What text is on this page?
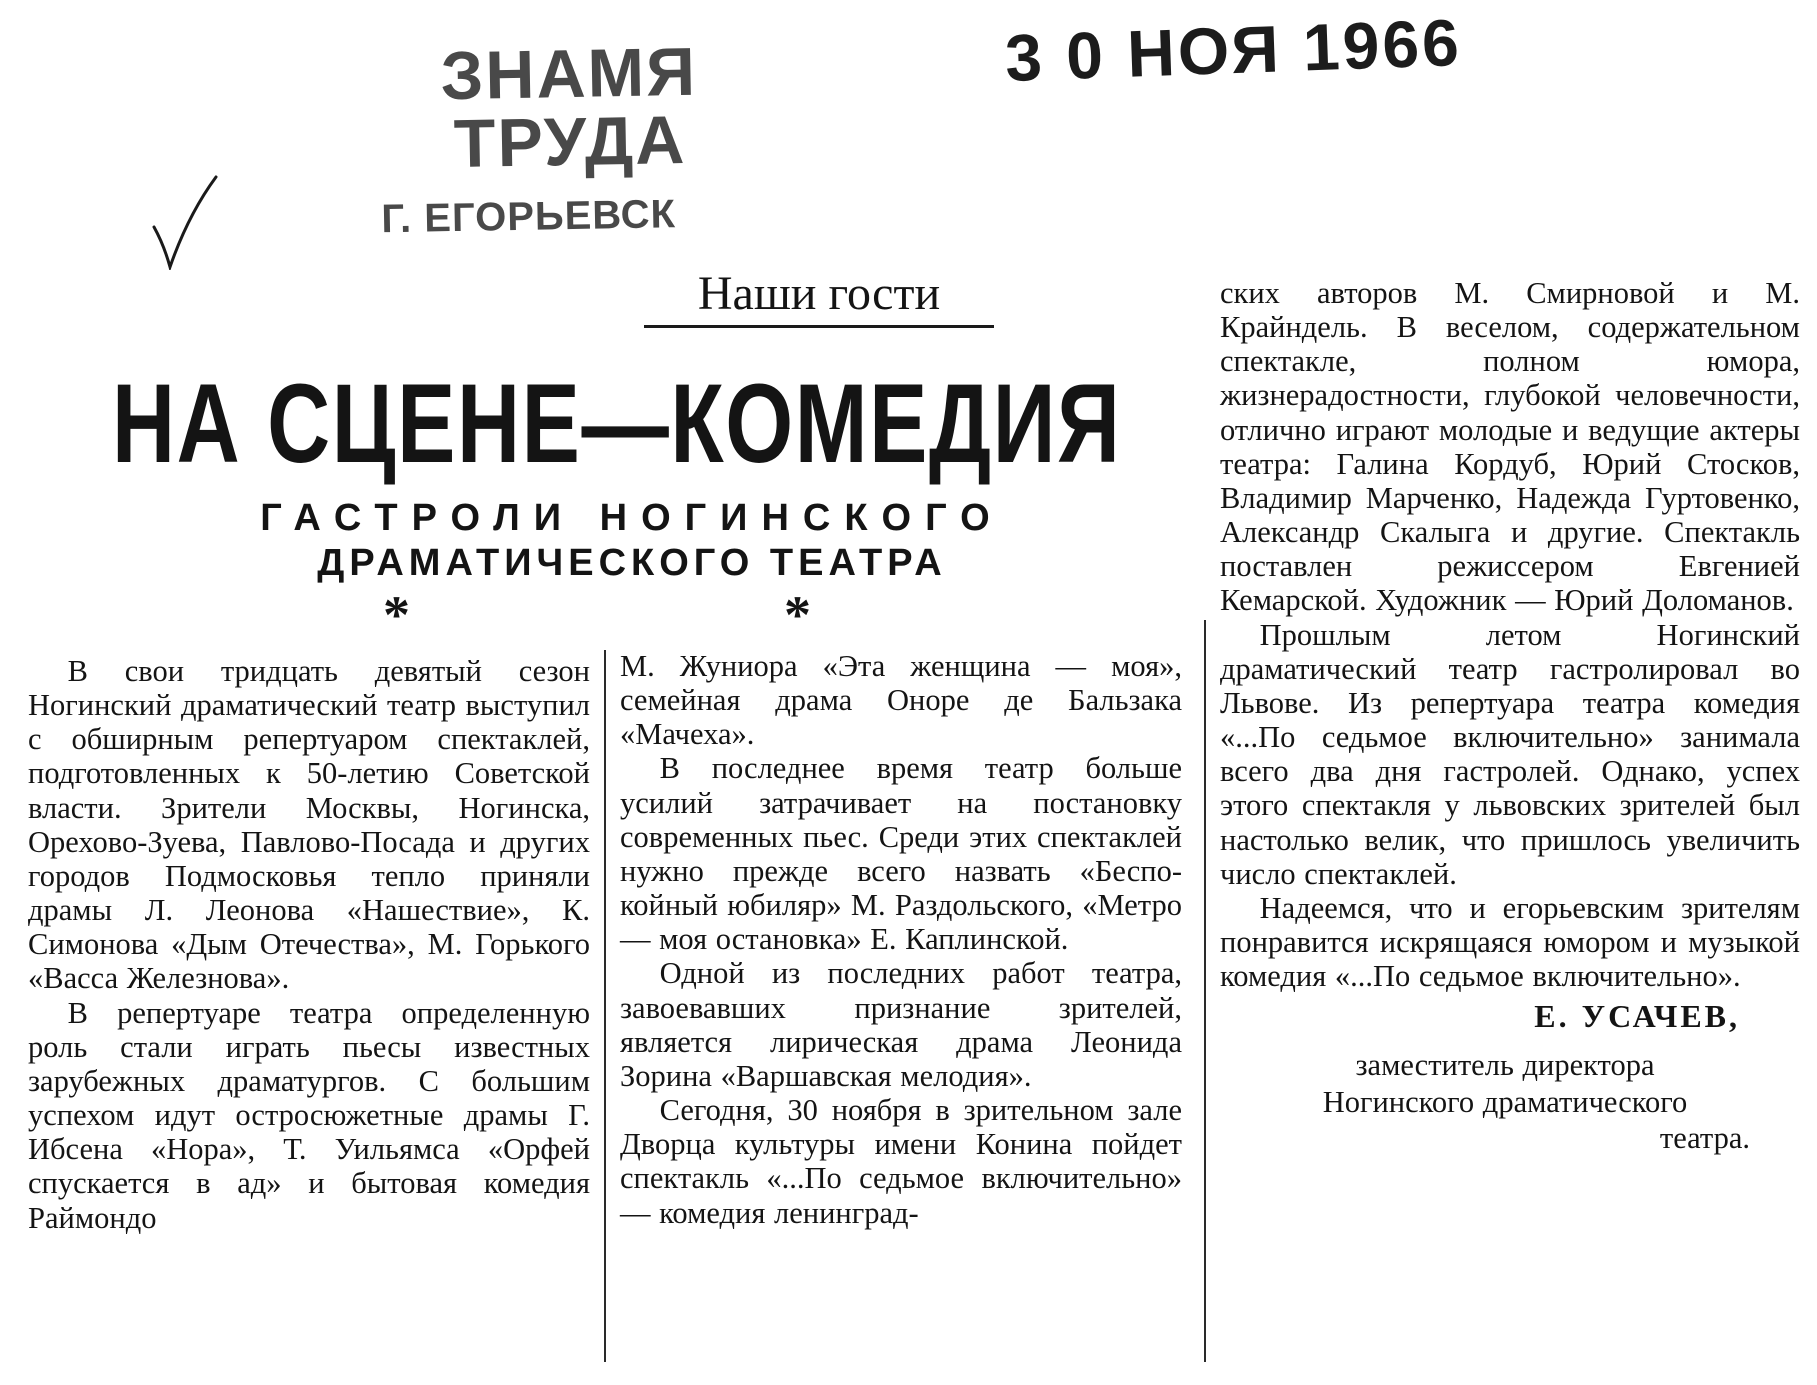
ЗНАМЯ ТРУДА
Г. ЕГОРЬЕВСК
3 0 НОЯ 1966
Наши гости
НА СЦЕНЕ—КОМЕДИЯ
ГАСТРОЛИ НОГИНСКОГО
ДРАМАТИЧЕСКОГО ТЕАТРА
*	*

В свои тридцать девятый сезон Ногинский драматический театр выступил с обширным репертуаром спектаклей, подготовленных к 50-летию Советской власти. Зрители Москвы, Ногинска, Орехово-Зуева, Павлово-Посада и других городов Подмосковья тепло приняли драмы Л. Леонова «Нашествие», К. Симонова «Дым Отечества», М. Горького «Васса Железнова».

В репертуаре театра определенную роль стали играть пьесы известных зарубежных драматургов. С большим успехом идут остросюжетные драмы Г. Ибсена «Нора», Т. Уильямса «Орфей спускается в ад» и бытовая комедия Раймондо

М. Жуниора «Эта женщина — моя», семейная драма Оноре де Бальзака «Мачеха».

В последнее время театр больше усилий затрачивает на постановку современных пьес. Среди этих спектаклей нужно прежде всего назвать «Беспокойный юбиляр» М. Раздольского, «Метро — моя остановка» Е. Каплинской.

Одной из последних работ театра, завоевавших признание зрителей, является лирическая драма Леонида Зорина «Варшавская мелодия».

Сегодня, 30 ноября в зрительном зале Дворца культуры имени Конина пойдет спектакль «...По седьмое включительно» — комедия ленинград-

ских авторов М. Смирновой и М. Крайндель. В веселом, содержательном спектакле, полном юмора, жизнерадостности, глубокой человечности, отлично играют молодые и ведущие актеры театра: Галина Кордуб, Юрий Стосков, Владимир Марченко, Надежда Гуртовенко, Александр Скалыга и другие. Спектакль поставлен режиссером Евгенией Кемарской. Художник — Юрий Доломанов.

Прошлым летом Ногинский драматический театр гастролировал во Львове. Из репертуара театра комедия «...По седьмое включительно» занимала всего два дня гастролей. Однако, успех этого спектакля у львовских зрителей был настолько велик, что пришлось увеличить число спектаклей.

Надеемся, что и егорьевским зрителям понравится искрящаяся юмором и музыкой комедия «...По седьмое включительно».

Е. УСАЧЕВ,
заместитель директора
Ногинского драматического
театра.
